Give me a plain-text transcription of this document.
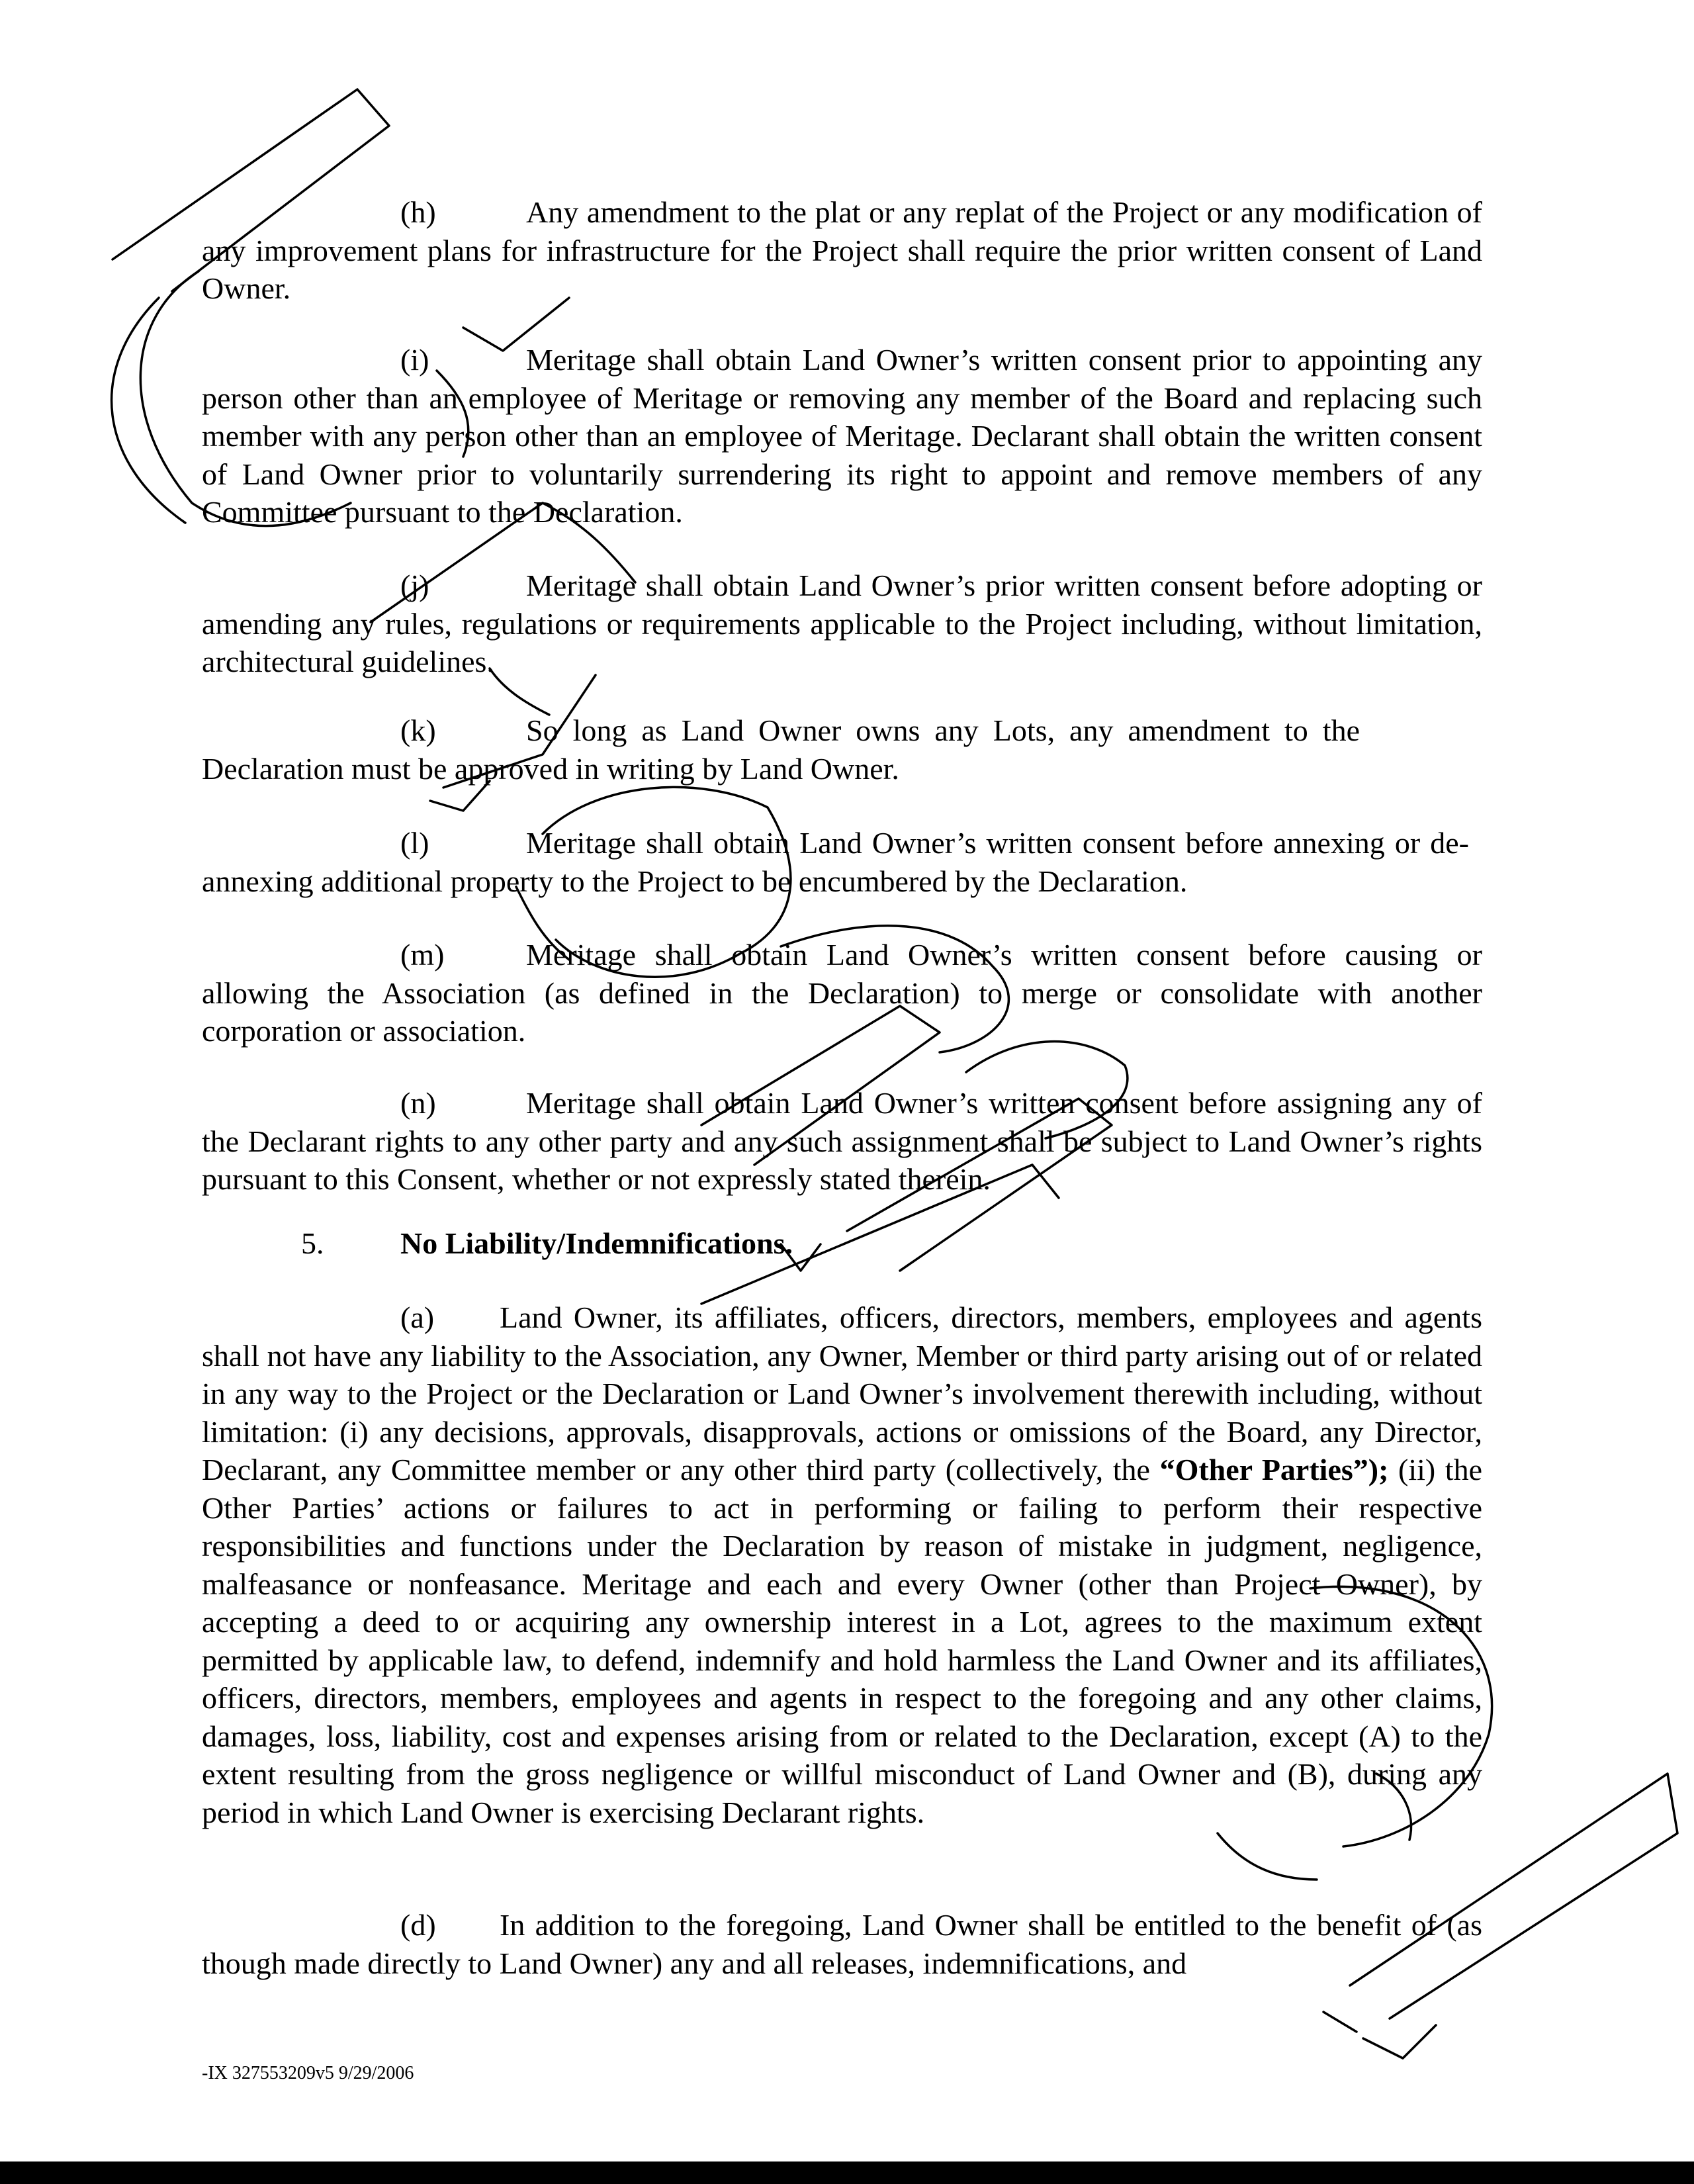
(h)	Any amendment to the plat or any replat of the Project or any modification of any improvement plans for infrastructure for the Project shall require the prior written consent of Land Owner.

(i)	Meritage shall obtain Land Owner’s written consent prior to appointing any person other than an employee of Meritage or removing any member of the Board and replacing such member with any person other than an employee of Meritage. Declarant shall obtain the written consent of Land Owner prior to voluntarily surrendering its right to appoint and remove members of any Committee pursuant to the Declaration.

(j)	Meritage shall obtain Land Owner’s prior written consent before adopting or amending any rules, regulations or requirements applicable to the Project including, without limitation, architectural guidelines.

(k)	So long as Land Owner owns any Lots, any amendment to the Declaration must be approved in writing by Land Owner.

(l)	Meritage shall obtain Land Owner’s written consent before annexing or de-annexing additional property to the Project to be encumbered by the Declaration.

(m)	Meritage shall obtain Land Owner’s written consent before causing or allowing the Association (as defined in the Declaration) to merge or consolidate with another corporation or association.

(n)	Meritage shall obtain Land Owner’s written consent before assigning any of the Declarant rights to any other party and any such assignment shall be subject to Land Owner’s rights pursuant to this Consent, whether or not expressly stated therein.

5.	No Liability/Indemnifications.

(a) Land Owner, its affiliates, officers, directors, members, employees and agents shall not have any liability to the Association, any Owner, Member or third party arising out of or related in any way to the Project or the Declaration or Land Owner’s involvement therewith including, without limitation: (i) any decisions, approvals, disapprovals, actions or omissions of the Board, any Director, Declarant, any Committee member or any other third party (collectively, the “Other Parties”); (ii) the Other Parties’ actions or failures to act in performing or failing to perform their respective responsibilities and functions under the Declaration by reason of mistake in judgment, negligence, malfeasance or nonfeasance. Meritage and each and every Owner (other than Project Owner), by accepting a deed to or acquiring any ownership interest in a Lot, agrees to the maximum extent permitted by applicable law, to defend, indemnify and hold harmless the Land Owner and its affiliates, officers, directors, members, employees and agents in respect to the foregoing and any other claims, damages, loss, liability, cost and expenses arising from or related to the Declaration, except (A) to the extent resulting from the gross negligence or willful misconduct of Land Owner and (B), during any period in which Land Owner is exercising Declarant rights.

(d) In addition to the foregoing, Land Owner shall be entitled to the benefit of (as though made directly to Land Owner) any and all releases, indemnifications, and

-IX 327553209v5 9/29/2006
